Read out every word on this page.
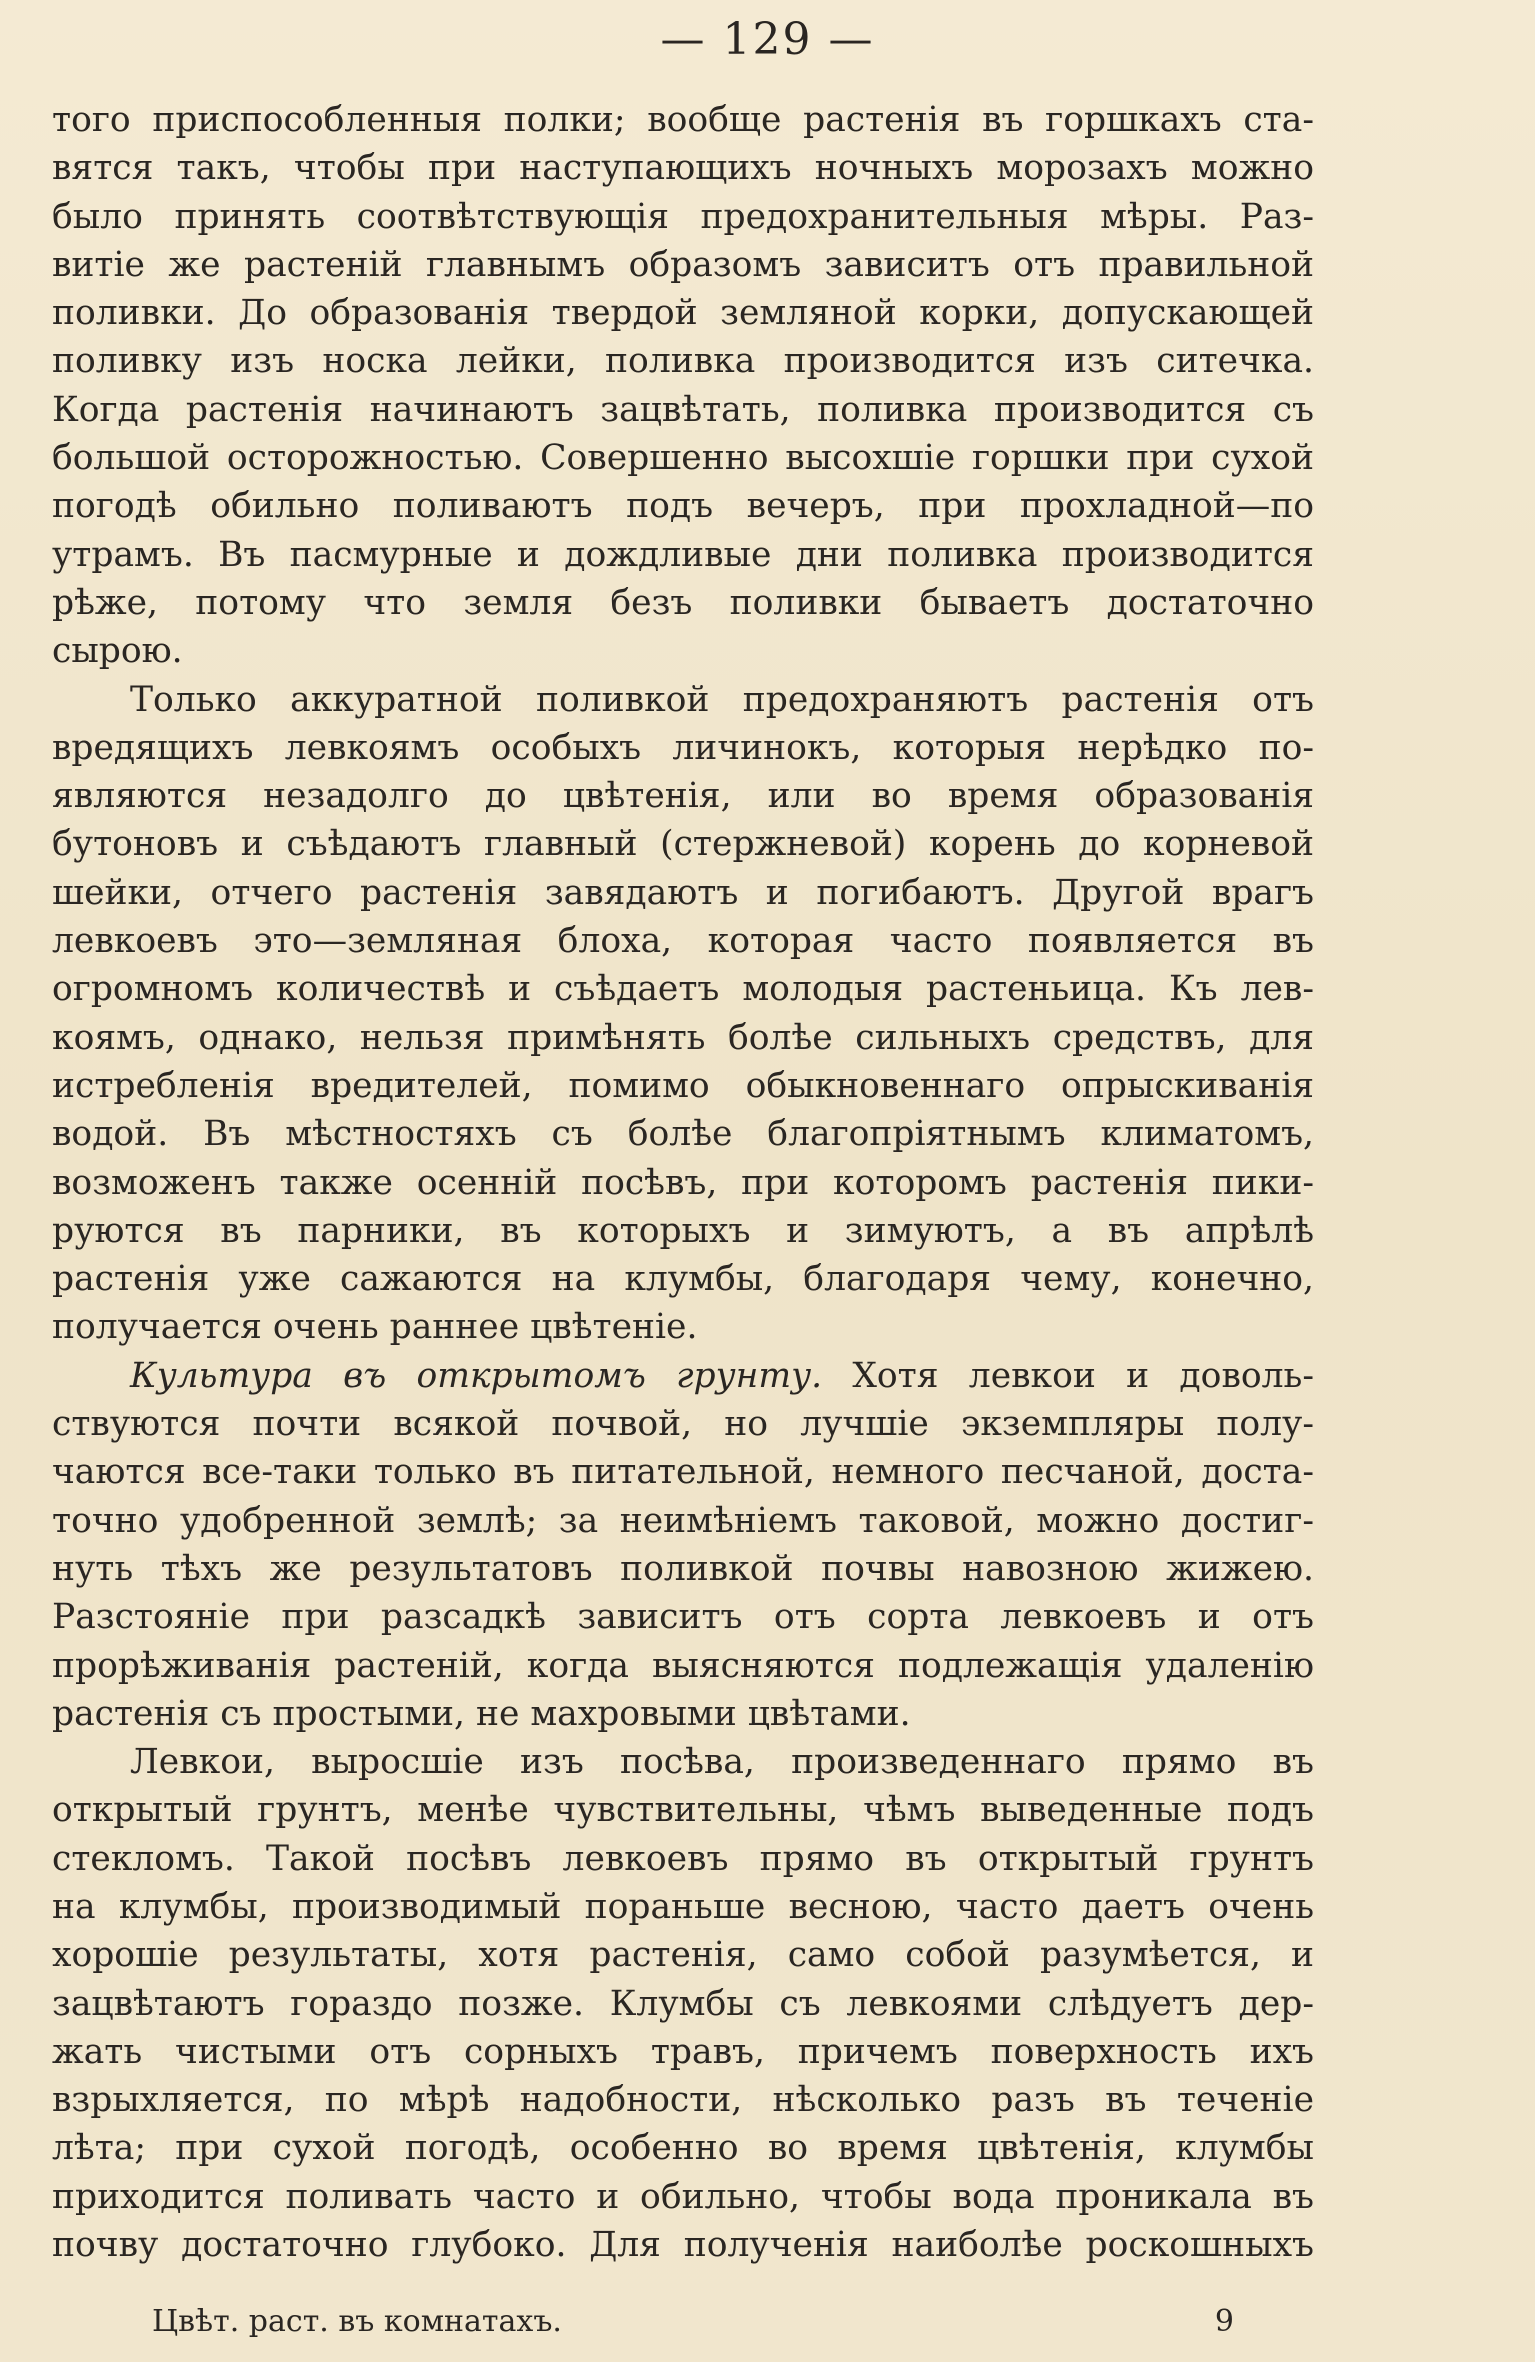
— 129 —
того приспособленныя полки; вообще растенія въ горшкахъ ста-
вятся такъ, чтобы при наступающихъ ночныхъ морозахъ можно
было принять соотвѣтствующія предохранительныя мѣры. Раз-
витіе же растеній главнымъ образомъ зависитъ отъ правильной
поливки. До образованія твердой земляной корки, допускающей
поливку изъ носка лейки, поливка производится изъ ситечка.
Когда растенія начинаютъ зацвѣтать, поливка производится съ
большой осторожностью. Совершенно высохшіе горшки при сухой
погодѣ обильно поливаютъ подъ вечеръ, при прохладной—по
утрамъ. Въ пасмурные и дождливые дни поливка производится
рѣже, потому что земля безъ поливки бываетъ достаточно
сырою.
Только аккуратной поливкой предохраняютъ растенія отъ
вредящихъ левкоямъ особыхъ личинокъ, которыя нерѣдко по-
являются незадолго до цвѣтенія, или во время образованія
бутоновъ и съѣдаютъ главный (стержневой) корень до корневой
шейки, отчего растенія завядаютъ и погибаютъ. Другой врагъ
левкоевъ это—земляная блоха, которая часто появляется въ
огромномъ количествѣ и съѣдаетъ молодыя растеньица. Къ лев-
коямъ, однако, нельзя примѣнять болѣе сильныхъ средствъ, для
истребленія вредителей, помимо обыкновеннаго опрыскиванія
водой. Въ мѣстностяхъ съ болѣе благопріятнымъ климатомъ,
возможенъ также осенній посѣвъ, при которомъ растенія пики-
руются въ парники, въ которыхъ и зимуютъ, а въ апрѣлѣ
растенія уже сажаются на клумбы, благодаря чему, конечно,
получается очень раннее цвѣтеніе.
Культура въ открытомъ грунту. Хотя левкои и доволь-
ствуются почти всякой почвой, но лучшіе экземпляры полу-
чаются все-таки только въ питательной, немного песчаной, доста-
точно удобренной землѣ; за неимѣніемъ таковой, можно достиг-
нуть тѣхъ же результатовъ поливкой почвы навозною жижею.
Разстояніе при разсадкѣ зависитъ отъ сорта левкоевъ и отъ
прорѣживанія растеній, когда выясняются подлежащія удаленію
растенія съ простыми, не махровыми цвѣтами.
Левкои, выросшіе изъ посѣва, произведеннаго прямо въ
открытый грунтъ, менѣе чувствительны, чѣмъ выведенные подъ
стекломъ. Такой посѣвъ левкоевъ прямо въ открытый грунтъ
на клумбы, производимый пораньше весною, часто даетъ очень
хорошіе результаты, хотя растенія, само собой разумѣется, и
зацвѣтаютъ гораздо позже. Клумбы съ левкоями слѣдуетъ дер-
жать чистыми отъ сорныхъ травъ, причемъ поверхность ихъ
взрыхляется, по мѣрѣ надобности, нѣсколько разъ въ теченіе
лѣта; при сухой погодѣ, особенно во время цвѣтенія, клумбы
приходится поливать часто и обильно, чтобы вода проникала въ
почву достаточно глубоко. Для полученія наиболѣе роскошныхъ
Цвѣт. раст. въ комнатахъ.	9
